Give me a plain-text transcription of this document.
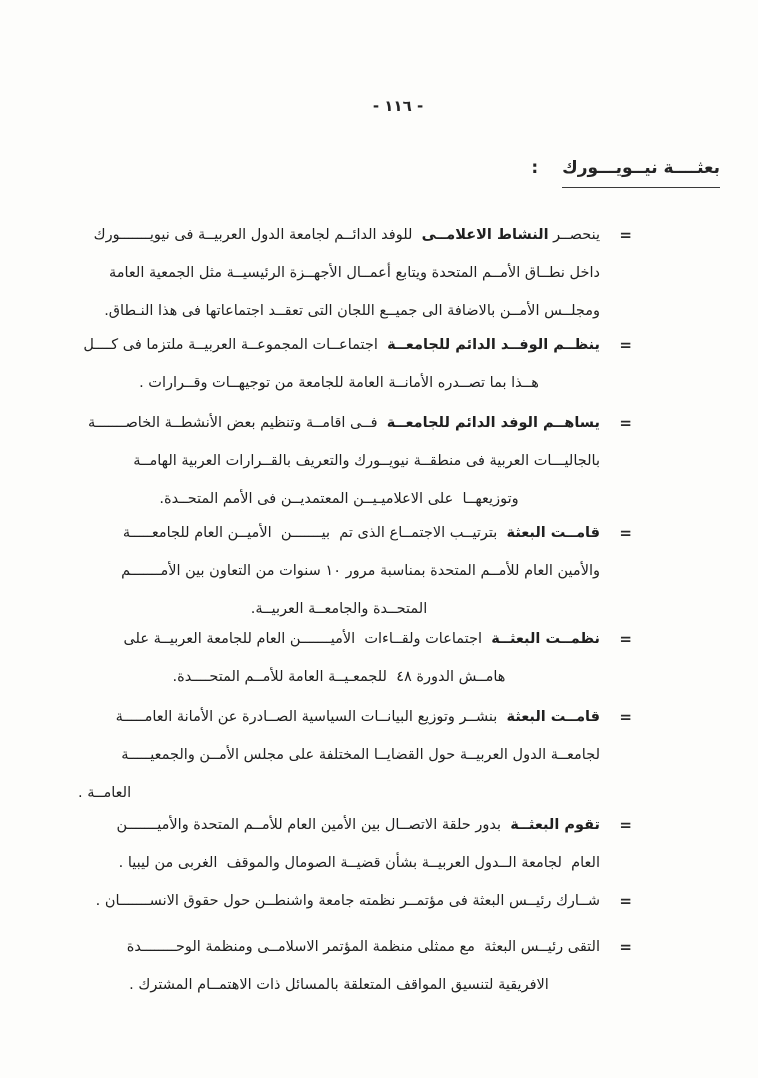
- ١١٦ -
بعثــــة نيــويـــورك:
=
ينحصــر النشاط الاعلامــى  للوفد الدائــم لجامعة الدول العربيــة فى نيويـــــــورك
داخل نطــاق الأمــم المتحدة ويتابع أعمــال الأجهــزة الرئيسيــة مثل الجمعية العامة
ومجلــس الأمــن بالاضافة الى جميــع اللجان التى تعقــد اجتماعاتها فى هذا النـطاق.
=
ينظــم الوفــد الدائم للجامعــة  اجتماعــات المجموعــة العربيــة ملتزما فى كــــل
هــذا بما تصــدره الأمانــة العامة للجامعة من توجيهــات وقــرارات .
=
يساهــم الوفد الدائم للجامعــة  فــى اقامــة وتنظيم بعض الأنشطــة الخاصـــــــة
بالجاليـــات العربية فى منطقــة نيويــورك والتعريف بالقــرارات العربية الهامــة
وتوزيعهــا  على الاعلاميـيــن المعتمديــن فى الأمم المتحــدة.
=
قامــت البعثة  بترتيــب الاجتمــاع الذى تم  بيـــــــن  الأميــن العام للجامعـــــة
والأمين العام للأمــم المتحدة بمناسبة مرور ١٠ سنوات من التعاون بين الأمـــــــم
المتحــدة والجامعــة العربيــة.
=
نظمــت البعثــة  اجتماعات ولقــاءات  الأميـــــــن العام للجامعة العربيــة على
هامــش الدورة ٤٨  للجمعـيــة العامة للأمــم المتحــــدة.
=
قامــت البعثة  بنشــر وتوزيع البيانــات السياسية الصــادرة عن الأمانة العامـــــة
لجامعــة الدول العربيــة حول القضايــا المختلفة على مجلس الأمــن والجمعيـــــة
العامــة .
=
تقوم البعثــة  بدور حلقة الاتصــال بين الأمين العام للأمــم المتحدة والأميـــــــن
العام  لجامعة الــدول العربيــة بشأن قضيــة الصومال والموقف  الغربى من ليبيا .
=
شــارك رئيــس البعثة فى مؤتمــر نظمته جامعة واشنطــن حول حقوق الانســـــــان .
=
التقى رئيــس البعثة  مع ممثلى منظمة المؤتمر الاسلامــى ومنظمة الوحــــــــدة
الافريقية لتنسيق المواقف المتعلقة بالمسائل ذات الاهتمــام المشترك .
